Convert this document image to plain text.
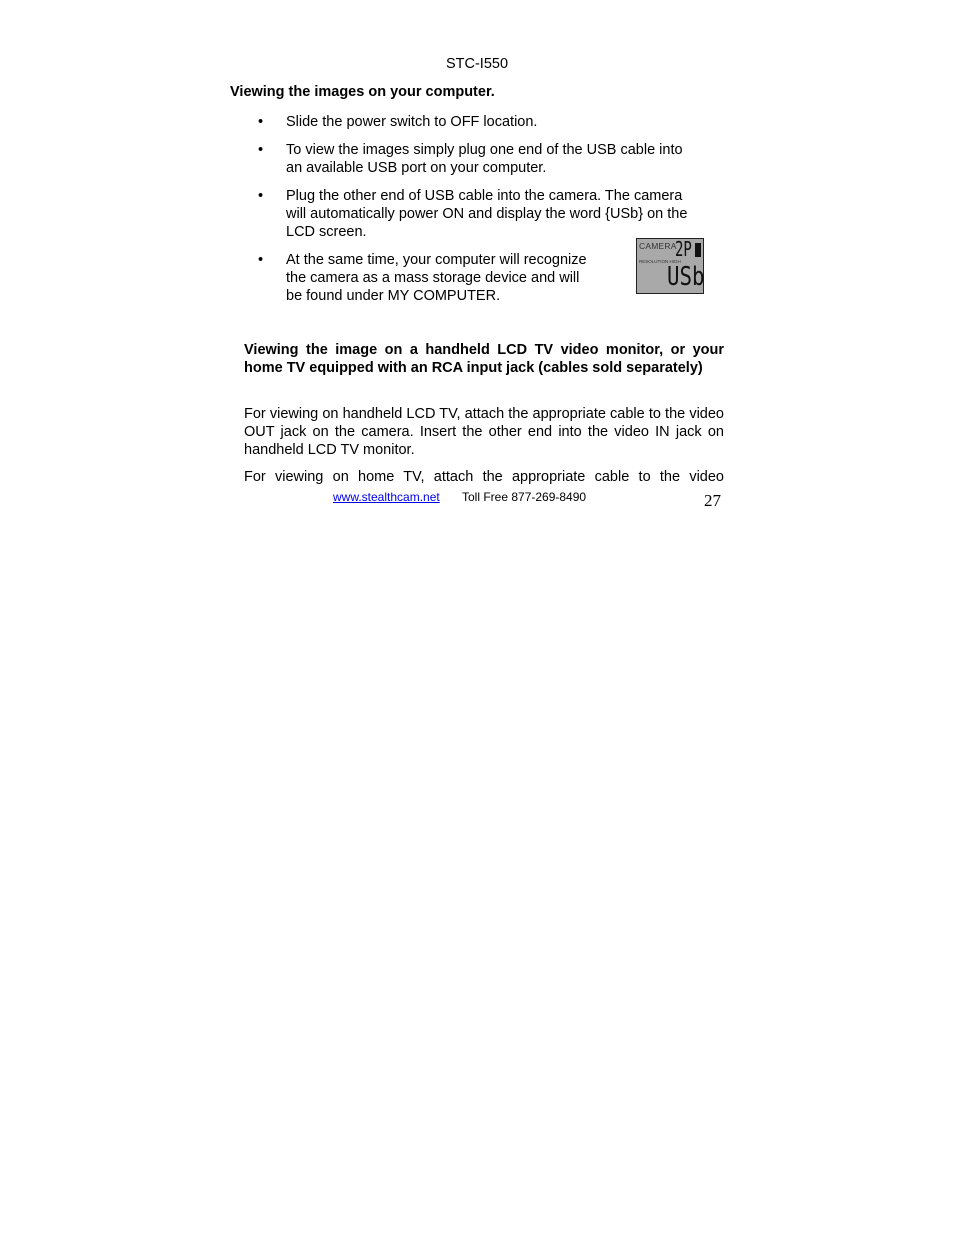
STC-I550
Viewing the images on your computer.
• Slide the power switch to OFF location.
• To view the images simply plug one end of the USB cable into
an available USB port on your computer.
• Plug the other end of USB cable into the camera. The camera
will automatically power ON and display the word {USb} on the
LCD screen.
• At the same time, your computer will recognize
the camera as a mass storage device and will
be found under MY COMPUTER.
CAMERA
RESOLUTION HIGH
2P
USb
Viewing the image on a handheld LCD TV video monitor, or your home TV equipped with an RCA input jack (cables sold separately)
For viewing on handheld LCD TV, attach the appropriate cable to the video OUT jack on the camera. Insert the other end into the video IN jack on handheld LCD TV monitor.
For viewing on home TV, attach the appropriate cable to the video
www.stealthcam.net Toll Free 877-269-8490	27
